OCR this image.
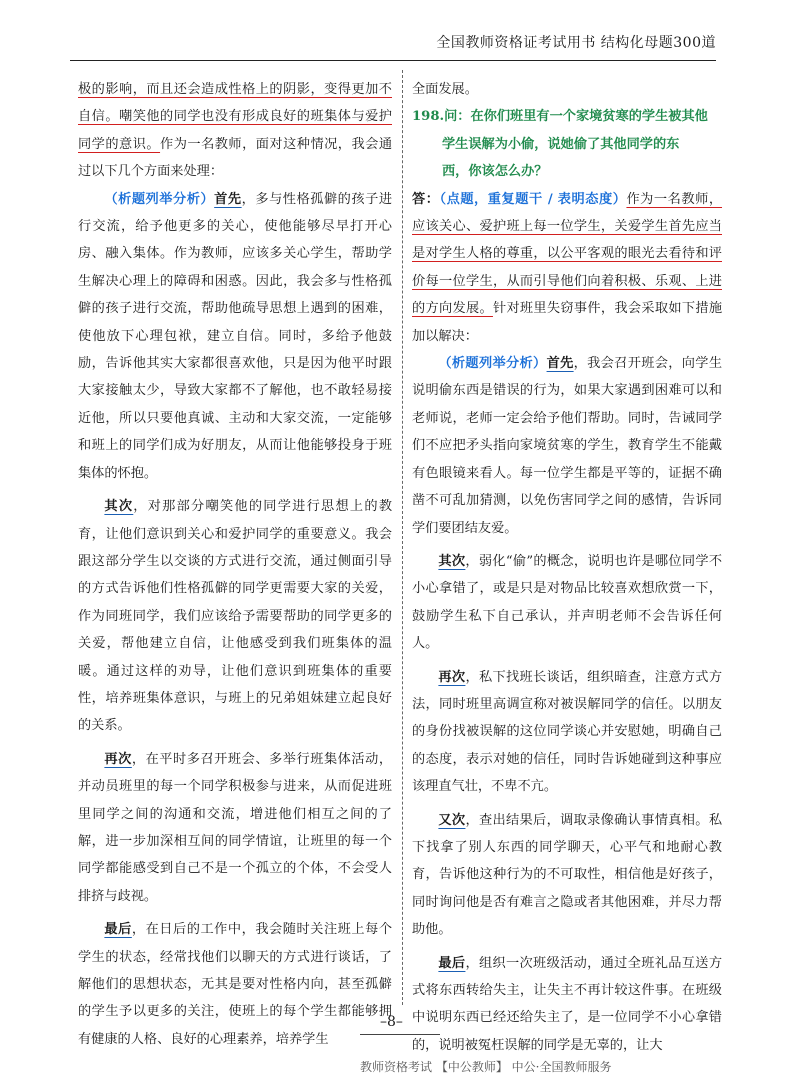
全国教师资格证考试用书 结构化母题300道

极的影响，而且还会造成性格上的阴影，变得更加不自信。嘲笑他的同学也没有形成良好的班集体与爱护同学的意识。作为一名教师，面对这种情况，我会通过以下几个方面来处理：

（析题列举分析）首先，多与性格孤僻的孩子进行交流，给予他更多的关心，使他能够尽早打开心房、融入集体。作为教师，应该多关心学生，帮助学生解决心理上的障碍和困惑。因此，我会多与性格孤僻的孩子进行交流，帮助他疏导思想上遇到的困难，使他放下心理包袱，建立自信。同时，多给予他鼓励，告诉他其实大家都很喜欢他，只是因为他平时跟大家接触太少，导致大家都不了解他，也不敢轻易接近他，所以只要他真诚、主动和大家交流，一定能够和班上的同学们成为好朋友，从而让他能够投身于班集体的怀抱。

其次，对那部分嘲笑他的同学进行思想上的教育，让他们意识到关心和爱护同学的重要意义。我会跟这部分学生以交谈的方式进行交流，通过侧面引导的方式告诉他们性格孤僻的同学更需要大家的关爱，作为同班同学，我们应该给予需要帮助的同学更多的关爱，帮他建立自信，让他感受到我们班集体的温暖。通过这样的劝导，让他们意识到班集体的重要性，培养班集体意识，与班上的兄弟姐妹建立起良好的关系。

再次，在平时多召开班会、多举行班集体活动，并动员班里的每一个同学积极参与进来，从而促进班里同学之间的沟通和交流，增进他们相互之间的了解，进一步加深相互间的同学情谊，让班里的每一个同学都能感受到自己不是一个孤立的个体，不会受人排挤与歧视。

最后，在日后的工作中，我会随时关注班上每个学生的状态，经常找他们以聊天的方式进行谈话，了解他们的思想状态，无其是要对性格内向，甚至孤僻的学生予以更多的关注，使班上的每个学生都能够拥有健康的人格、良好的心理素养，培养学生

全面发展。

198.问：在你们班里有一个家境贫寒的学生被其他

学生误解为小偷，说她偷了其他同学的东

西，你该怎么办？

答：（点题，重复题干 / 表明态度）作为一名教师，应该关心、爱护班上每一位学生，关爱学生首先应当是对学生人格的尊重，以公平客观的眼光去看待和评价每一位学生，从而引导他们向着积极、乐观、上进的方向发展。针对班里失窃事件，我会采取如下措施加以解决：

（析题列举分析）首先，我会召开班会，向学生说明偷东西是错误的行为，如果大家遇到困难可以和老师说，老师一定会给予他们帮助。同时，告诫同学们不应把矛头指向家境贫寒的学生，教育学生不能戴有色眼镜来看人。每一位学生都是平等的，证据不确凿不可乱加猜测，以免伤害同学之间的感情，告诉同学们要团结友爱。

其次，弱化“偷”的概念，说明也许是哪位同学不小心拿错了，或是只是对物品比较喜欢想欣赏一下，鼓励学生私下自己承认，并声明老师不会告诉任何人。

再次，私下找班长谈话，组织暗查，注意方式方法，同时班里高调宣称对被误解同学的信任。以朋友的身份找被误解的这位同学谈心并安慰她，明确自己的态度，表示对她的信任，同时告诉她碰到这种事应该理直气壮，不卑不亢。

又次，查出结果后，调取录像确认事情真相。私下找拿了别人东西的同学聊天，心平气和地耐心教育，告诉他这种行为的不可取性，相信他是好孩子，同时询问他是否有难言之隐或者其他困难，并尽力帮助他。

最后，组织一次班级活动，通过全班礼品互送方式将东西转给失主，让失主不再计较这件事。在班级中说明东西已经还给失主了，是一位同学不小心拿错的，说明被冤枉误解的同学是无辜的，让大

–8–
教师资格考试 【中公教师】 中公·全国教师服务
